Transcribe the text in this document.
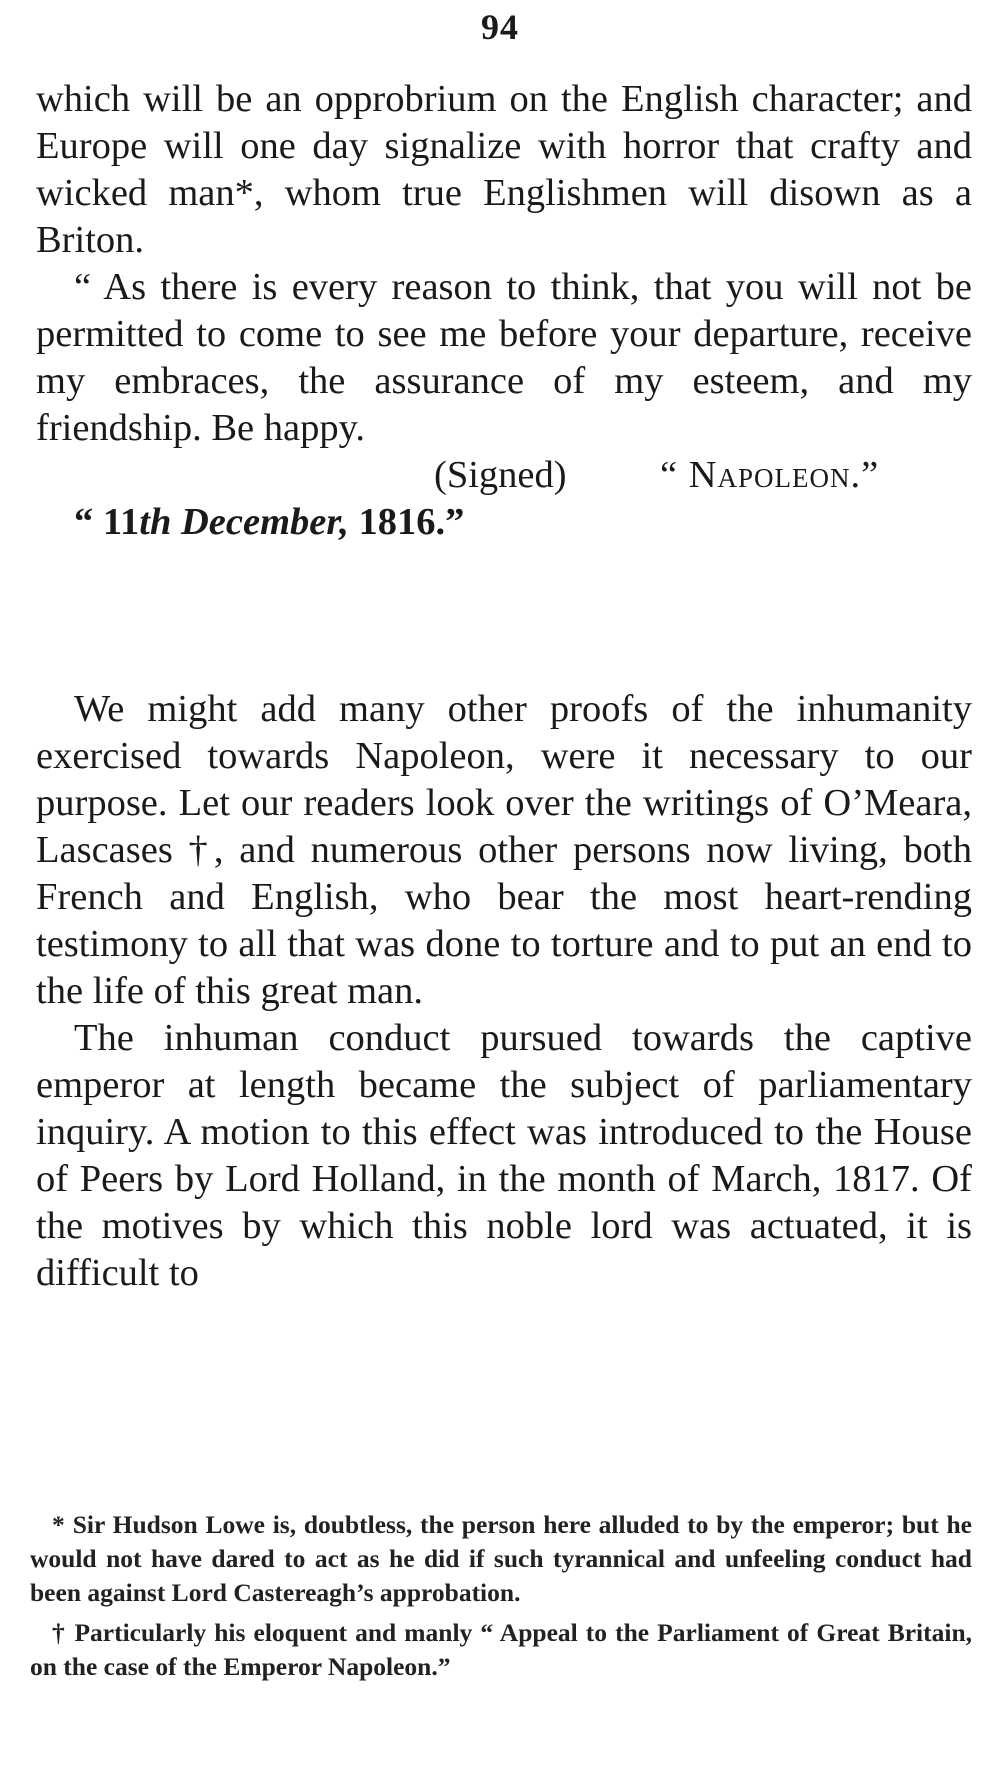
94

which will be an opprobrium on the English character; and Europe will one day signalize with horror that crafty and wicked man*, whom true Englishmen will disown as a Briton.

“ As there is every reason to think, that you will not be permitted to come to see me before your departure, receive my embraces, the assurance of my esteem, and my friendship. Be happy.

(Signed) “ Napoleon.”

“ 11th December, 1816.”

We might add many other proofs of the inhumanity exercised towards Napoleon, were it necessary to our purpose. Let our readers look over the writings of O’Meara, Lascases †, and numerous other persons now living, both French and English, who bear the most heart-rending testimony to all that was done to torture and to put an end to the life of this great man.

The inhuman conduct pursued towards the captive emperor at length became the subject of parliamentary inquiry. A motion to this effect was introduced to the House of Peers by Lord Holland, in the month of March, 1817. Of the motives by which this noble lord was actuated, it is difficult to

* Sir Hudson Lowe is, doubtless, the person here alluded to by the emperor; but he would not have dared to act as he did if such tyrannical and unfeeling conduct had been against Lord Castereagh’s approbation.

† Particularly his eloquent and manly “ Appeal to the Parliament of Great Britain, on the case of the Emperor Napoleon.”
